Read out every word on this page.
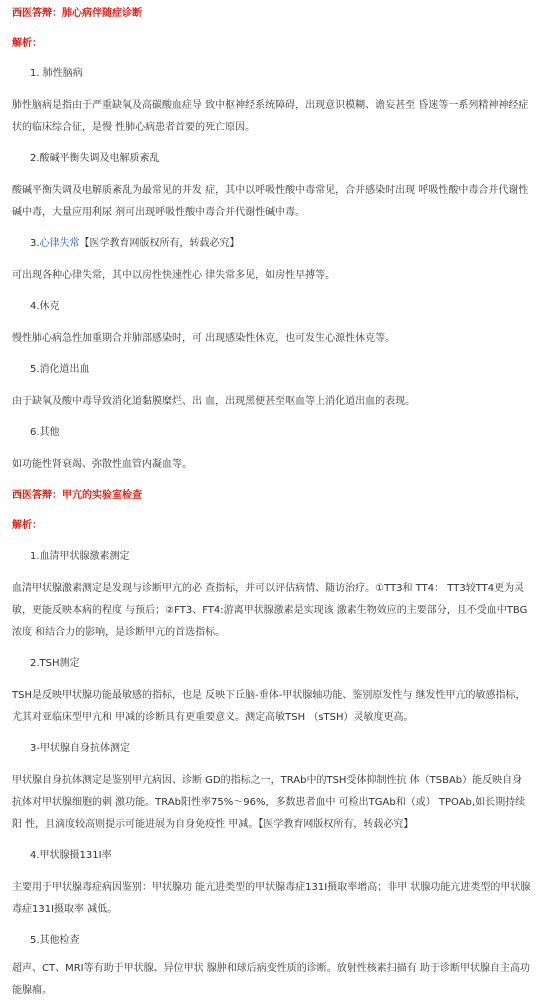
西医答辩：肺心病伴随症诊断
解析：
1. 肺性脑病
肺性脑病是指由于严重缺氧及高碳酸血症导 致中枢神经系统障碍，出现意识模糊、谵妄甚至 昏迷等一系列精神神经症状的临床综合征，是慢 性肺心病患者首要的死亡原因。
2.酸碱平衡失调及电解质紊乱
酸碱平衡失调及电解质紊乱为最常见的并发 症，其中以呼吸性酸中毒常见，合并感染时出现 呼吸性酸中毒合并代谢性碱中毒，大量应用利尿 剂可出现呼吸性酸中毒合并代谢性碱中毒。
3.心律失常【医学教育网版权所有，转载必究】
可出现各种心律失常，其中以房性快速性心 律失常多见，如房性早搏等。
4.休克
慢性肺心病急性加重期合并肺部感染时，可 出现感染性休克，也可发生心源性休克等。
5.消化道出血
由于缺氧及酸中毒导致消化道黏膜糜烂、出 血，出现黑便甚至呕血等上消化道出血的表现。
6.其他
如功能性肾衰竭、弥散性血管内凝血等。
西医答辩：甲亢的实验室检查
解析：
1.血清甲状腺激素测定
血清甲状腺激素测定是发现与诊断甲亢的必 查指标，并可以评估病情、随访治疗。①TT3和 TT4： TT3较TT4更为灵敏，更能反映本病的程度 与预后；②FT3、FT4:游离甲状腺激素是实现该 激素生物效应的主要部分，且不受血中TBG浓度 和结合力的影响，是诊断甲亢的首选指标。
2.TSH测定
TSH是反映甲状腺功能最敏感的指标，也是 反映下丘脑-垂体-甲状腺轴功能、鉴别原发性与 继发性甲亢的敏感指标，尤其对亚临床型甲亢和 甲减的诊断具有更重要意义。测定高敏TSH （sTSH）灵敏度更高。
3-甲状腺自身抗体测定
甲状腺自身抗体测定是鉴别甲亢病因、诊断 GD的指标之一，TRAb中的TSH受体抑制性抗 体（TSBAb）能反映自身抗体对甲状腺细胞的刺 激功能。TRAb阳性率75%～96%，多数患者血中 可检出TGAb和（或） TPOAb,如长期持续阳 性，且滴度较高则提示可能进展为自身免疫性 甲减。【医学教育网版权所有，转载必究】
4.甲状腺摄131I率
主要用于甲状腺毒症病因鉴别：甲状腺功 能亢进类型的甲状腺毒症131I摄取率增高；非甲 状腺功能亢进类型的甲状腺毒症131I摄取率 减低。
5.其他检查
超声、CT、MRI等有助于甲状腺、异位甲状 腺肿和球后病变性质的诊断。放射性核素扫描有 助于诊断甲状腺自主高功能腺瘤。
